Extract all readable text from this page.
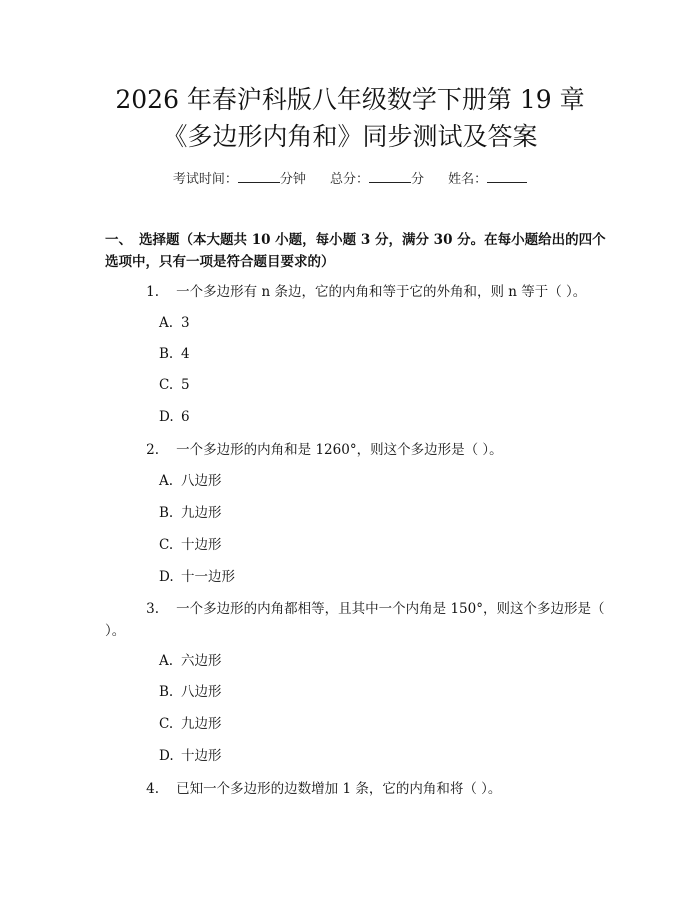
2026 年春沪科版八年级数学下册第 19 章
《多边形内角和》同步测试及答案
考试时间：	分钟 总分：	分 姓名：
一、 选择题（本大题共 10 小题，每小题 3 分，满分 30 分。在每小题给出的四个选项中，只有一项是符合题目要求的）
1. 一个多边形有 n 条边，它的内角和等于它的外角和，则 n 等于（ ）。
A. 3
B. 4
C. 5
D. 6
2. 一个多边形的内角和是 1260°，则这个多边形是（ ）。
A. 八边形
B. 九边形
C. 十边形
D. 十一边形
3. 一个多边形的内角都相等，且其中一个内角是 150°，则这个多边形是（ ）。
A. 六边形
B. 八边形
C. 九边形
D. 十边形
4. 已知一个多边形的边数增加 1 条，它的内角和将（ ）。
